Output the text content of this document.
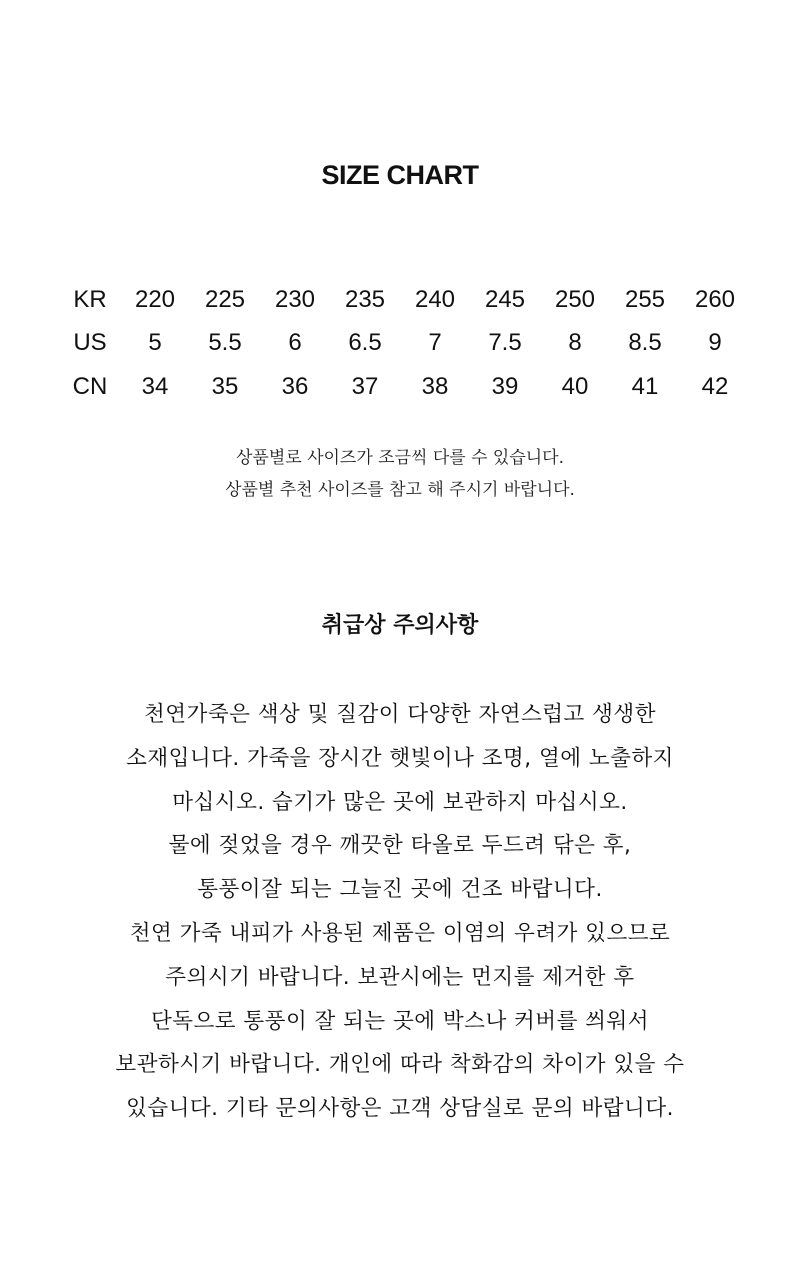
SIZE CHART
KR	220	225	230	235	240	245	250	255	260
US	5	5.5	6	6.5	7	7.5	8	8.5	9
CN	34	35	36	37	38	39	40	41	42

상품별로 사이즈가 조금씩 다를 수 있습니다.

상품별 추천 사이즈를 참고 해 주시기 바랍니다.

취급상 주의사항

천연가죽은 색상 및 질감이 다양한 자연스럽고 생생한

소재입니다. 가죽을 장시간 햇빛이나 조명, 열에 노출하지

마십시오. 습기가 많은 곳에 보관하지 마십시오.

물에 젖었을 경우 깨끗한 타올로 두드려 닦은 후,

통풍이잘 되는 그늘진 곳에 건조 바랍니다.

천연 가죽 내피가 사용된 제품은 이염의 우려가 있으므로

주의시기 바랍니다. 보관시에는 먼지를 제거한 후

단독으로 통풍이 잘 되는 곳에 박스나 커버를 씌워서

보관하시기 바랍니다. 개인에 따라 착화감의 차이가 있을 수

있습니다. 기타 문의사항은 고객 상담실로 문의 바랍니다.
